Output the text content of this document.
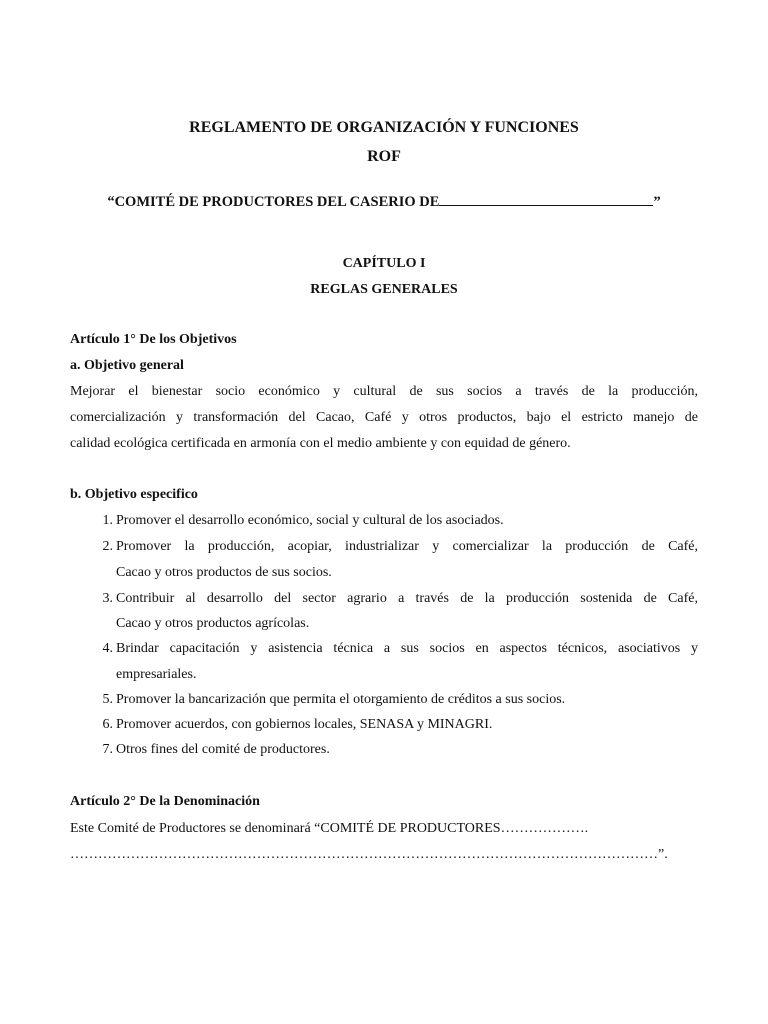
REGLAMENTO DE ORGANIZACIÓN Y FUNCIONES
ROF
“COMITÉ DE PRODUCTORES DEL CASERIO DE	”
CAPÍTULO I
REGLAS GENERALES
Artículo 1° De los Objetivos
a. Objetivo general
Mejorar el bienestar socio económico y cultural de sus socios a través de la producción,
comercialización y transformación del Cacao, Café y otros productos, bajo el estricto manejo de
calidad ecológica certificada en armonía con el medio ambiente y con equidad de género.
b. Objetivo especifico
1. Promover el desarrollo económico, social y cultural de los asociados.
2. Promover la producción, acopiar, industrializar y comercializar la producción de Café,
Cacao y otros productos de sus socios.
3. Contribuir al desarrollo del sector agrario a través de la producción sostenida de Café,
Cacao y otros productos agrícolas.
4. Brindar capacitación y asistencia técnica a sus socios en aspectos técnicos, asociativos y
empresariales.
5. Promover la bancarización que permita el otorgamiento de créditos a sus socios.
6. Promover acuerdos, con gobiernos locales, SENASA y MINAGRI.
7. Otros fines del comité de productores.
Artículo 2° De la Denominación
Este Comité de Productores se denominará “COMITÉ DE PRODUCTORES……………….
………………………………………………………………………………………………………………”.
